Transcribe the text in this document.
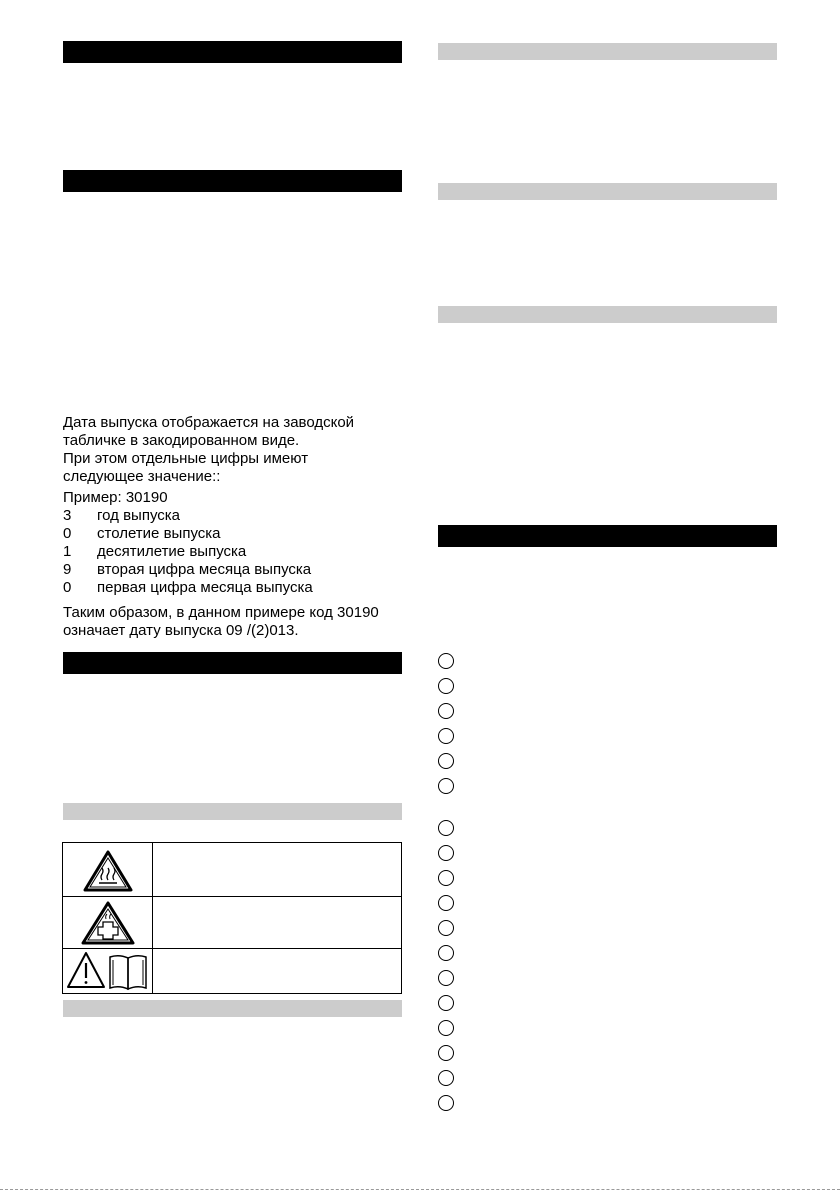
Дата выпуска отображается на заводской

табличке в закодированном виде.

При этом отдельные цифры имеют

следующее значение::

Пример: 30190

3	год выпуска
0	столетие выпуска
1	десятилетие выпуска
9	вторая цифра месяца выпуска
0	первая цифра месяца выпуска

Таким образом, в данном примере код 30190

означает дату выпуска 09 /(2)013.
